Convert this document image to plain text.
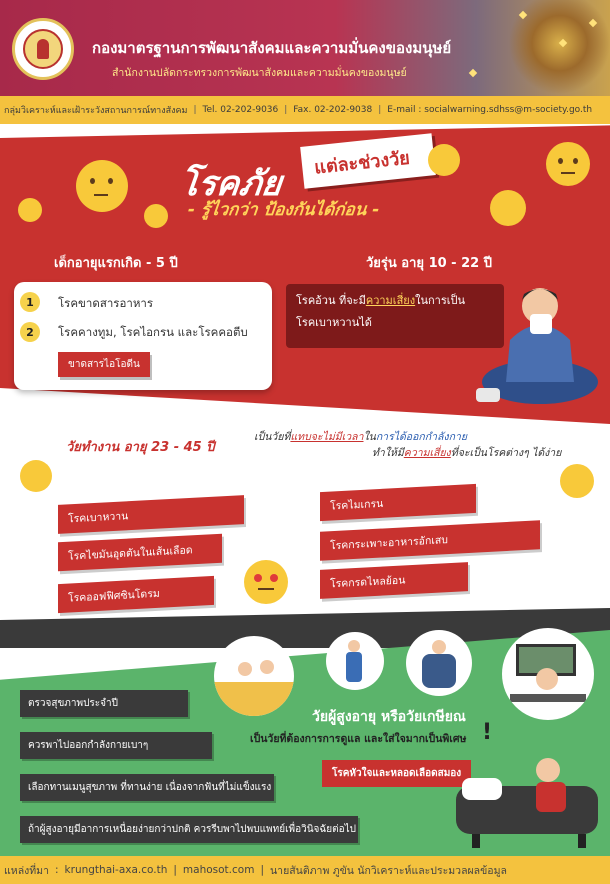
กองมาตรฐานการพัฒนาสังคมและความมั่นคงของมนุษย์
สำนักงานปลัดกระทรวงการพัฒนาสังคมและความมั่นคงของมนุษย์
กลุ่มวิเคราะห์และเฝ้าระวังสถานการณ์ทางสังคม | Tel. 02-202-9036 | Fax. 02-202-9038 | E-mail : socialwarning.sdhss@m-society.go.th
โรคภัย
แต่ละช่วงวัย
- รู้ไวกว่า ป้องกันได้ก่อน -
เด็กอายุแรกเกิด - 5 ปี	วัยรุ่น อายุ 10 - 22 ปี
1	โรคขาดสารอาหาร
2	โรคคางทูม, โรคไอกรน และโรคคอตีบ
ขาดสารไอโอดีน
โรคอ้วน ที่จะมีความเสี่ยงในการเป็น
โรคเบาหวานได้
วัยทำงาน อายุ 23 - 45 ปี
เป็นวัยที่แทบจะไม่มีเวลาในการได้ออกกำลังกาย
ทำให้มีความเสี่ยงที่จะเป็นโรคต่างๆ ได้ง่าย
โรคเบาหวาน
โรคไขมันอุดตันในเส้นเลือด
โรคออฟฟิศซินโดรม
โรคไมเกรน
โรคกระเพาะอาหารอักเสบ
โรคกรดไหลย้อน
ข้อควรทำ
ตรวจสุขภาพประจำปี
ควรพาไปออกกำลังกายเบาๆ
เลือกทานเมนูสุขภาพ ที่ทานง่าย เนื่องจากฟันที่ไม่แข็งแรง
ถ้าผู้สูงอายุมีอาการเหนื่อยง่ายกว่าปกติ ควรรีบพาไปพบแพทย์เพื่อวินิจฉัยต่อไป
วัยผู้สูงอายุ หรือวัยเกษียณ
เป็นวัยที่ต้องการการดูแล และใส่ใจมากเป็นพิเศษ !
โรคหัวใจและหลอดเลือดสมอง
แหล่งที่มา : krungthai-axa.co.th | mahosot.com | นายสันติภาพ ภูขัน นักวิเคราะห์และประมวลผลข้อมูล
